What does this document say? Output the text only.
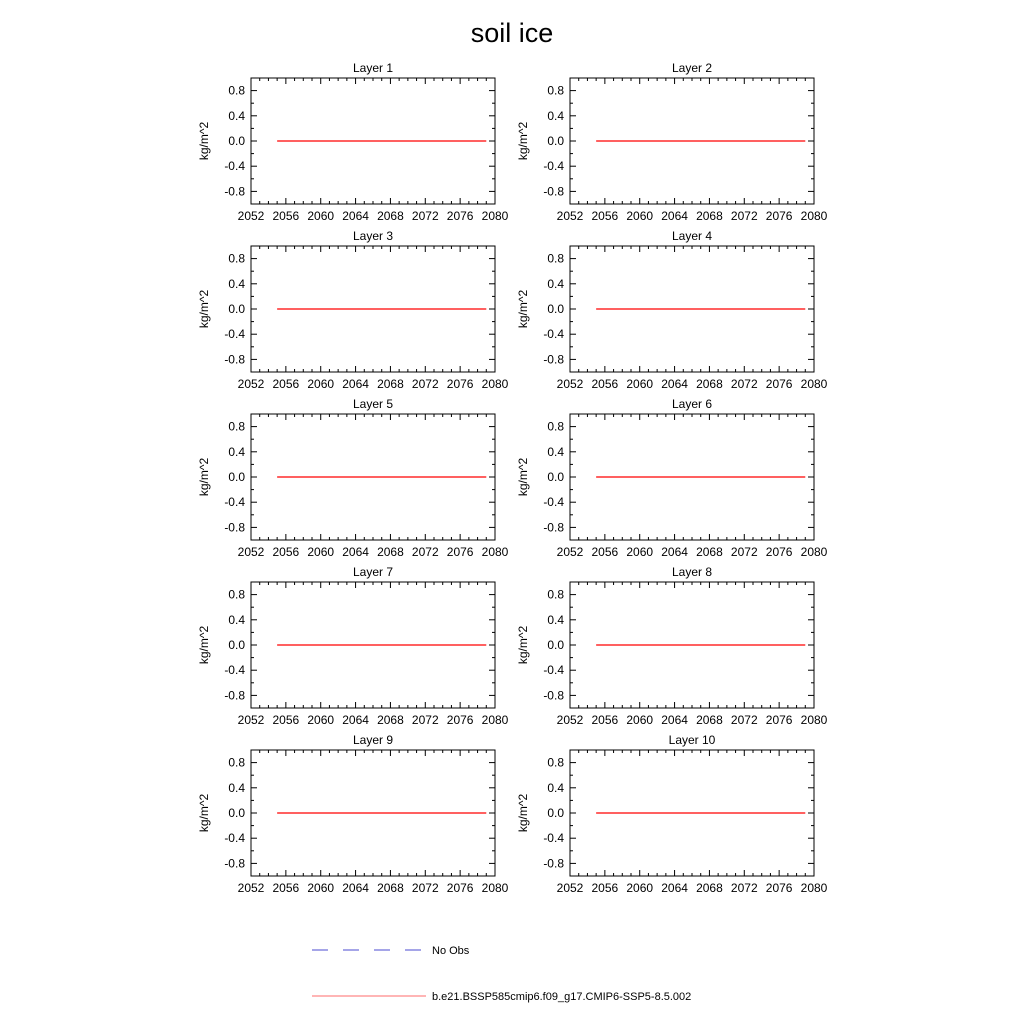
soil ice
Layer 1
2052 2056 2060 2064 2068 2072 2076 2080
0.8
0.4
0.0
-0.4
-0.8
kg/m^2
Layer 2
2052 2056 2060 2064 2068 2072 2076 2080
0.8
0.4
0.0
-0.4
-0.8
kg/m^2
Layer 3
2052 2056 2060 2064 2068 2072 2076 2080
0.8
0.4
0.0
-0.4
-0.8
kg/m^2
Layer 4
2052 2056 2060 2064 2068 2072 2076 2080
0.8
0.4
0.0
-0.4
-0.8
kg/m^2
Layer 5
2052 2056 2060 2064 2068 2072 2076 2080
0.8
0.4
0.0
-0.4
-0.8
kg/m^2
Layer 6
2052 2056 2060 2064 2068 2072 2076 2080
0.8
0.4
0.0
-0.4
-0.8
kg/m^2
Layer 7
2052 2056 2060 2064 2068 2072 2076 2080
0.8
0.4
0.0
-0.4
-0.8
kg/m^2
Layer 8
2052 2056 2060 2064 2068 2072 2076 2080
0.8
0.4
0.0
-0.4
-0.8
kg/m^2
Layer 9
2052 2056 2060 2064 2068 2072 2076 2080
0.8
0.4
0.0
-0.4
-0.8
kg/m^2
Layer 10
2052 2056 2060 2064 2068 2072 2076 2080
0.8
0.4
0.0
-0.4
-0.8
kg/m^2
No Obs
b.e21.BSSP585cmip6.f09_g17.CMIP6-SSP5-8.5.002
